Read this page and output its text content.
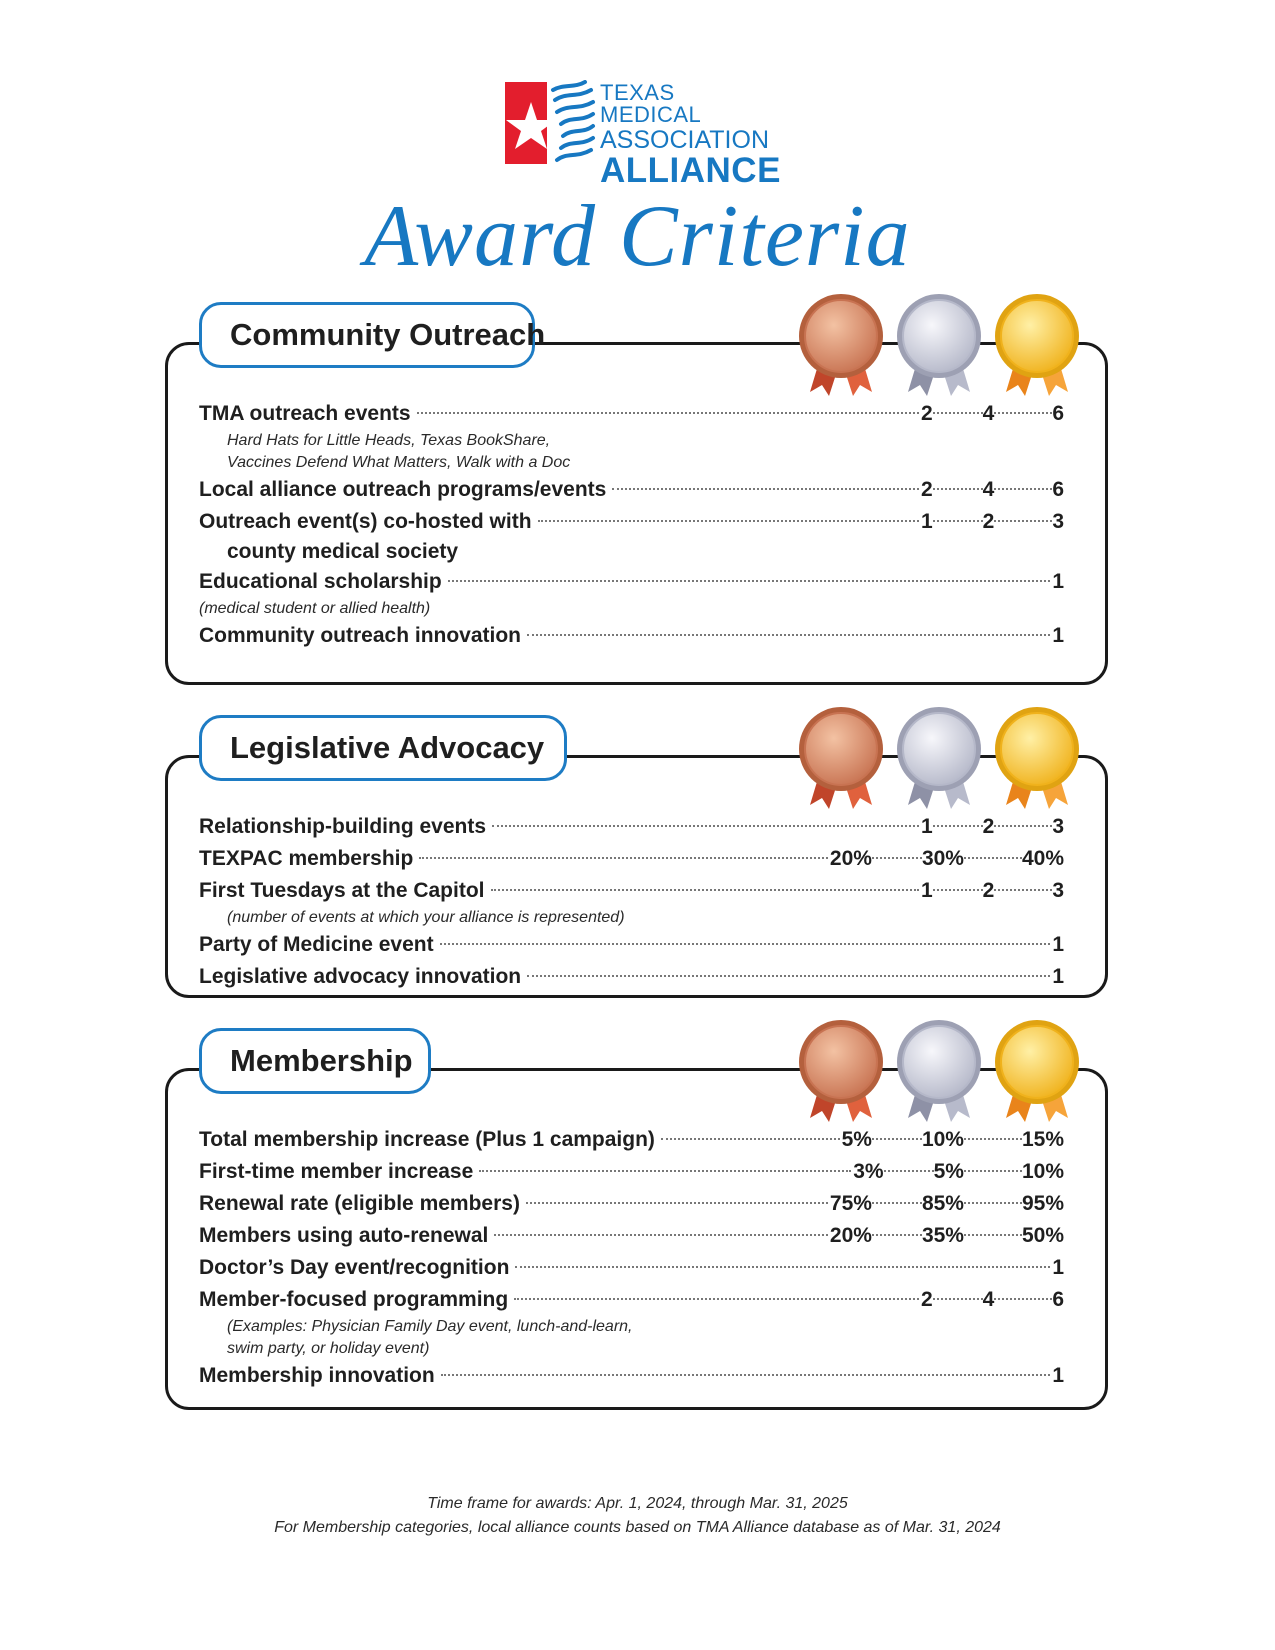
TEXAS MEDICAL
ASSOCIATION
ALLIANCE
Award Criteria
Community Outreach
TMA outreach events	2 4	6
Hard Hats for Little Heads, Texas BookShare,
Vaccines Defend What Matters, Walk with a Doc
Local alliance outreach programs/events	2 4	6
Outreach event(s) co-hosted with	1 2	3
county medical society
Educational scholarship	1
(medical student or allied health)
Community outreach innovation	1
Legislative Advocacy
Relationship-building events	1 2	3
TEXPAC membership	20% 30%	40%
First Tuesdays at the Capitol	1 2	3
(number of events at which your alliance is represented)
Party of Medicine event	1
Legislative advocacy innovation	1
Membership
Total membership increase (Plus 1 campaign)	5% 10%	15%
First-time member increase	3% 5%	10%
Renewal rate (eligible members)	75% 85%	95%
Members using auto-renewal	20% 35%	50%
Doctor’s Day event/recognition	1
Member-focused programming	2 4	6
(Examples: Physician Family Day event, lunch-and-learn,
swim party, or holiday event)
Membership innovation	1
Time frame for awards: Apr. 1, 2024, through Mar. 31, 2025
For Membership categories, local alliance counts based on TMA Alliance database as of Mar. 31, 2024
